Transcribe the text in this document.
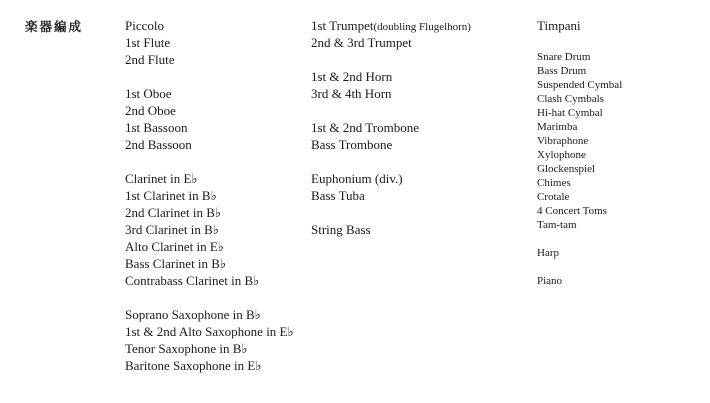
楽器編成	Piccolo
1st Flute
2nd Flute
1st Oboe
2nd Oboe
1st Bassoon
2nd Bassoon
Clarinet in E♭
1st Clarinet in B♭
2nd Clarinet in B♭
3rd Clarinet in B♭
Alto Clarinet in E♭
Bass Clarinet in B♭
Contrabass Clarinet in B♭
Soprano Saxophone in B♭
1st & 2nd Alto Saxophone in E♭
Tenor Saxophone in B♭
Baritone Saxophone in E♭
1st Trumpet(doubling Flugelhorn)
2nd & 3rd Trumpet
1st & 2nd Horn
3rd & 4th Horn
1st & 2nd Trombone
Bass Trombone
Euphonium (div.)
Bass Tuba
String Bass
Timpani
Snare Drum
Bass Drum
Suspended Cymbal
Clash Cymbals
Hi-hat Cymbal
Marimba
Vibraphone
Xylophone
Glockenspiel
Chimes
Crotale
4 Concert Toms
Tam-tam
Harp
Piano
